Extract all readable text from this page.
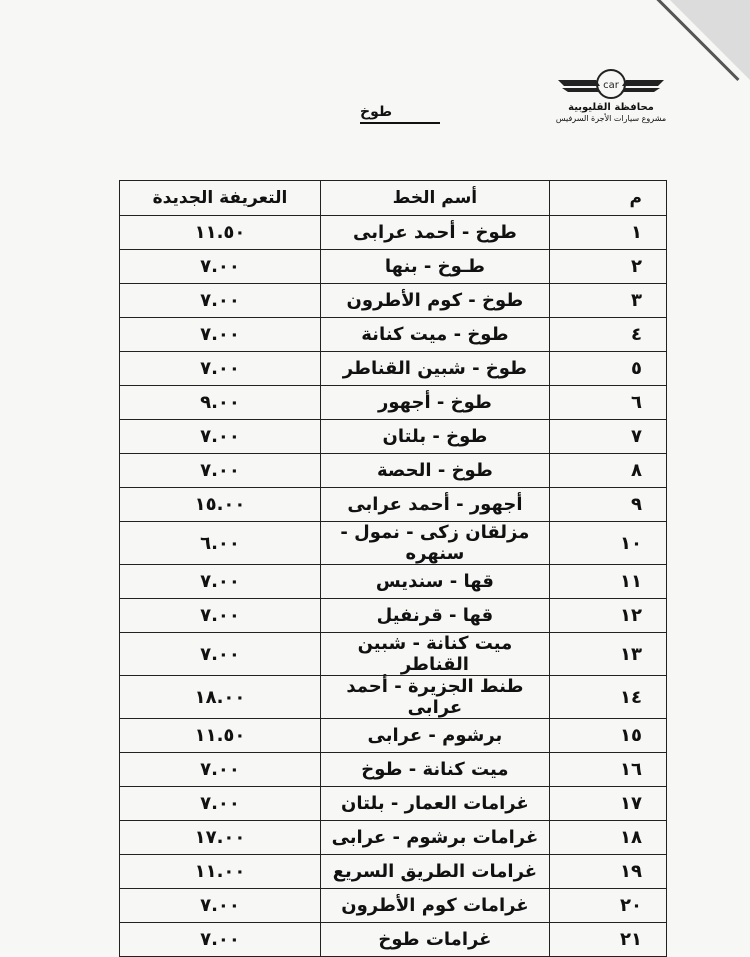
car
محافظة القليوبية
مشروع سيارات الأجرة السرفيس
طوخ
م	أسم الخط	التعريفة الجديدة
١	طوخ - أحمد عرابى	١١.٥٠
٢	طـوخ - بنها	٧.٠٠
٣	طوخ - كوم الأطرون	٧.٠٠
٤	طوخ - ميت كنانة	٧.٠٠
٥	طوخ - شبين القناطر	٧.٠٠
٦	طوخ - أجهور	٩.٠٠
٧	طوخ - بلتان	٧.٠٠
٨	طوخ - الحصة	٧.٠٠
٩	أجهور - أحمد عرابى	١٥.٠٠
١٠	مزلقان زكى - نمول - سنهره	٦.٠٠
١١	قها - سنديس	٧.٠٠
١٢	قها - قرنفيل	٧.٠٠
١٣	ميت كنانة - شبين القناطر	٧.٠٠
١٤	طنط الجزيرة - أحمد عرابى	١٨.٠٠
١٥	برشوم - عرابى	١١.٥٠
١٦	ميت كنانة - طوخ	٧.٠٠
١٧	غرامات العمار - بلتان	٧.٠٠
١٨	غرامات برشوم - عرابى	١٧.٠٠
١٩	غرامات الطريق السريع	١١.٠٠
٢٠	غرامات كوم الأطرون	٧.٠٠
٢١	غرامات طوخ	٧.٠٠
